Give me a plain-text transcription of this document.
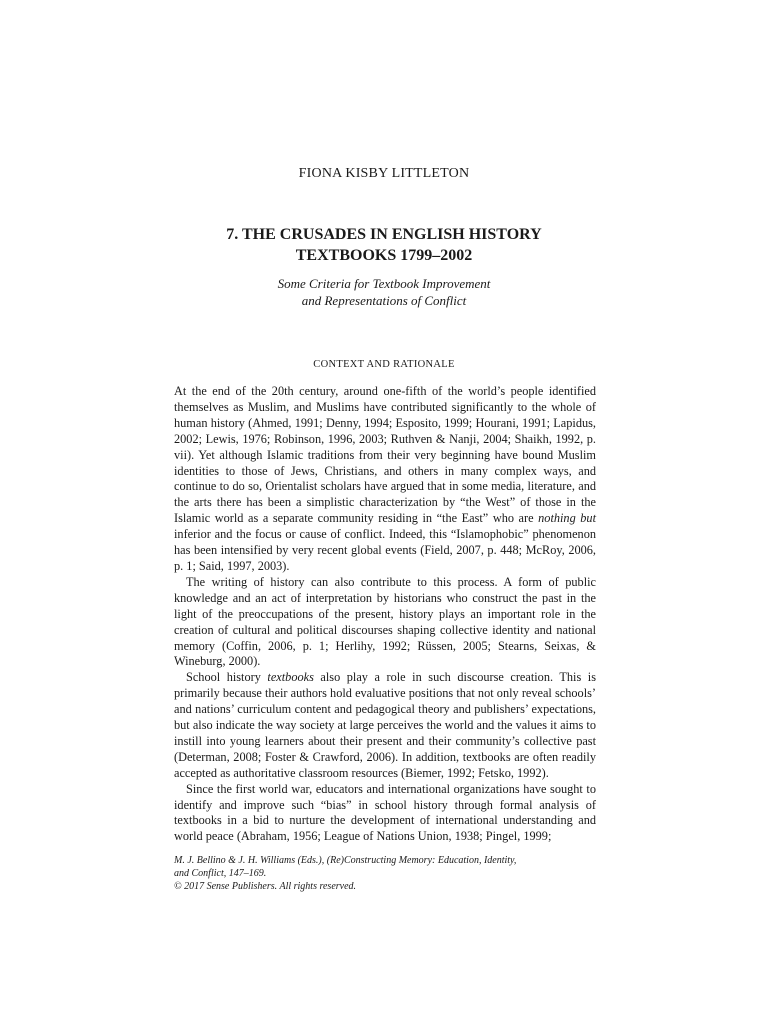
FIONA KISBY LITTLETON
7. THE CRUSADES IN ENGLISH HISTORY
TEXTBOOKS 1799–2002
Some Criteria for Textbook Improvement
and Representations of Conflict
CONTEXT AND RATIONALE

At the end of the 20th century, around one-fifth of the world’s people identified themselves as Muslim, and Muslims have contributed significantly to the whole of human history (Ahmed, 1991; Denny, 1994; Esposito, 1999; Hourani, 1991; Lapidus, 2002; Lewis, 1976; Robinson, 1996, 2003; Ruthven & Nanji, 2004; Shaikh, 1992, p. vii). Yet although Islamic traditions from their very beginning have bound Muslim identities to those of Jews, Christians, and others in many complex ways, and continue to do so, Orientalist scholars have argued that in some media, literature, and the arts there has been a simplistic characterization by “the West” of those in the Islamic world as a separate community residing in “the East” who are nothing but inferior and the focus or cause of conflict. Indeed, this “Islamophobic” phenomenon has been intensified by very recent global events (Field, 2007, p. 448; McRoy, 2006, p. 1; Said, 1997, 2003).

The writing of history can also contribute to this process. A form of public knowledge and an act of interpretation by historians who construct the past in the light of the preoccupations of the present, history plays an important role in the creation of cultural and political discourses shaping collective identity and national memory (Coffin, 2006, p. 1; Herlihy, 1992; Rüssen, 2005; Stearns, Seixas, & Wineburg, 2000).

School history textbooks also play a role in such discourse creation. This is primarily because their authors hold evaluative positions that not only reveal schools’ and nations’ curriculum content and pedagogical theory and publishers’ expectations, but also indicate the way society at large perceives the world and the values it aims to instill into young learners about their present and their community’s collective past (Determan, 2008; Foster & Crawford, 2006). In addition, textbooks are often readily accepted as authoritative classroom resources (Biemer, 1992; Fetsko, 1992).

Since the first world war, educators and international organizations have sought to identify and improve such “bias” in school history through formal analysis of textbooks in a bid to nurture the development of international understanding and world peace (Abraham, 1956; League of Nations Union, 1938; Pingel, 1999;

M. J. Bellino & J. H. Williams (Eds.), (Re)Constructing Memory: Education, Identity,
and Conflict, 147–169.
© 2017 Sense Publishers. All rights reserved.
